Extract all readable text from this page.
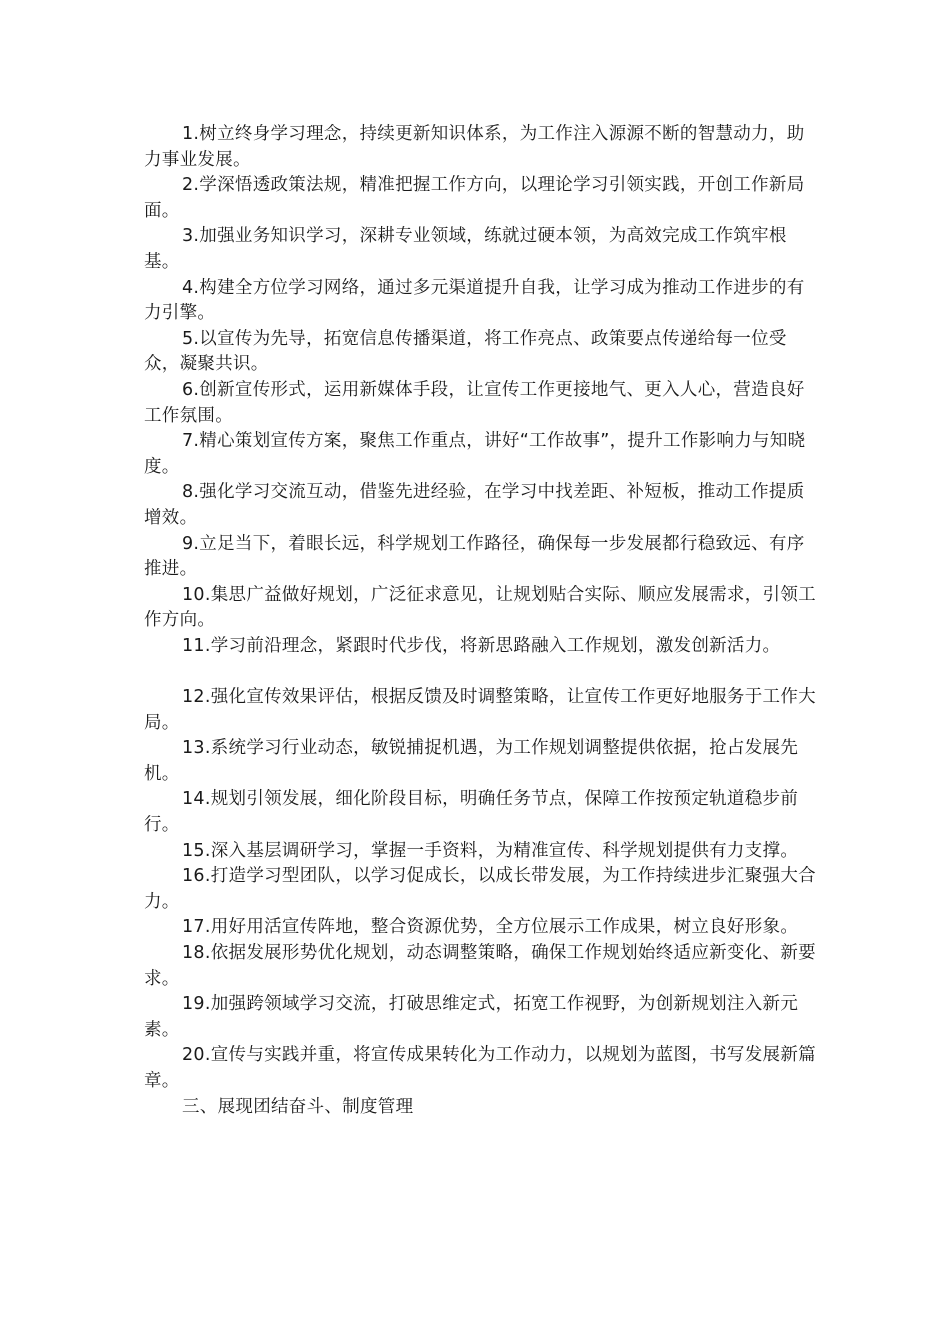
1.树立终身学习理念，持续更新知识体系，为工作注入源源不断的智慧动力，助力事业发展。

2.学深悟透政策法规，精准把握工作方向，以理论学习引领实践，开创工作新局面。

3.加强业务知识学习，深耕专业领域，练就过硬本领，为高效完成工作筑牢根基。

4.构建全方位学习网络，通过多元渠道提升自我，让学习成为推动工作进步的有力引擎。

5.以宣传为先导，拓宽信息传播渠道，将工作亮点、政策要点传递给每一位受众，凝聚共识。

6.创新宣传形式，运用新媒体手段，让宣传工作更接地气、更入人心，营造良好工作氛围。

7.精心策划宣传方案，聚焦工作重点，讲好“工作故事”，提升工作影响力与知晓度。

8.强化学习交流互动，借鉴先进经验，在学习中找差距、补短板，推动工作提质增效。

9.立足当下，着眼长远，科学规划工作路径，确保每一步发展都行稳致远、有序推进。

10.集思广益做好规划，广泛征求意见，让规划贴合实际、顺应发展需求，引领工作方向。

11.学习前沿理念，紧跟时代步伐，将新思路融入工作规划，激发创新活力。

12.强化宣传效果评估，根据反馈及时调整策略，让宣传工作更好地服务于工作大局。

13.系统学习行业动态，敏锐捕捉机遇，为工作规划调整提供依据，抢占发展先机。

14.规划引领发展，细化阶段目标，明确任务节点，保障工作按预定轨道稳步前行。

15.深入基层调研学习，掌握一手资料，为精准宣传、科学规划提供有力支撑。

16.打造学习型团队，以学习促成长，以成长带发展，为工作持续进步汇聚强大合力。

17.用好用活宣传阵地，整合资源优势，全方位展示工作成果，树立良好形象。

18.依据发展形势优化规划，动态调整策略，确保工作规划始终适应新变化、新要求。

19.加强跨领域学习交流，打破思维定式，拓宽工作视野，为创新规划注入新元素。

20.宣传与实践并重，将宣传成果转化为工作动力，以规划为蓝图，书写发展新篇章。

三、展现团结奋斗、制度管理
